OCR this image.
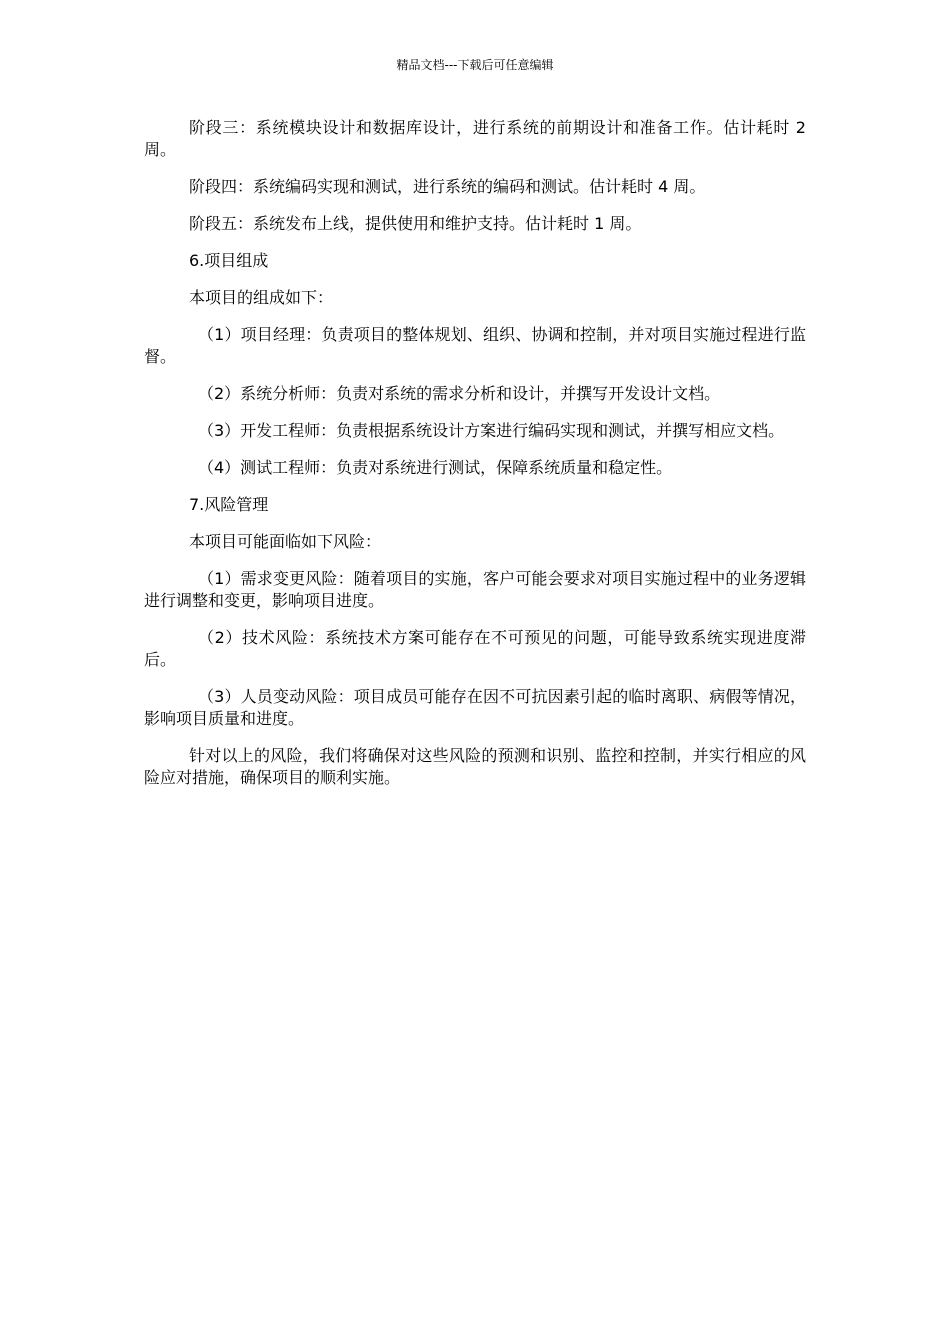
精品文档---下载后可任意编辑

阶段三：系统模块设计和数据库设计，进行系统的前期设计和准备工作。估计耗时 2 周。

阶段四：系统编码实现和测试，进行系统的编码和测试。估计耗时 4 周。

阶段五：系统发布上线，提供使用和维护支持。估计耗时 1 周。

6.项目组成

本项目的组成如下：

（1）项目经理：负责项目的整体规划、组织、协调和控制，并对项目实施过程进行监督。

（2）系统分析师：负责对系统的需求分析和设计，并撰写开发设计文档。

（3）开发工程师：负责根据系统设计方案进行编码实现和测试，并撰写相应文档。

（4）测试工程师：负责对系统进行测试，保障系统质量和稳定性。

7.风险管理

本项目可能面临如下风险：

（1）需求变更风险：随着项目的实施，客户可能会要求对项目实施过程中的业务逻辑进行调整和变更，影响项目进度。

（2）技术风险：系统技术方案可能存在不可预见的问题，可能导致系统实现进度滞后。

（3）人员变动风险：项目成员可能存在因不可抗因素引起的临时离职、病假等情况，影响项目质量和进度。

针对以上的风险，我们将确保对这些风险的预测和识别、监控和控制，并实行相应的风险应对措施，确保项目的顺利实施。
